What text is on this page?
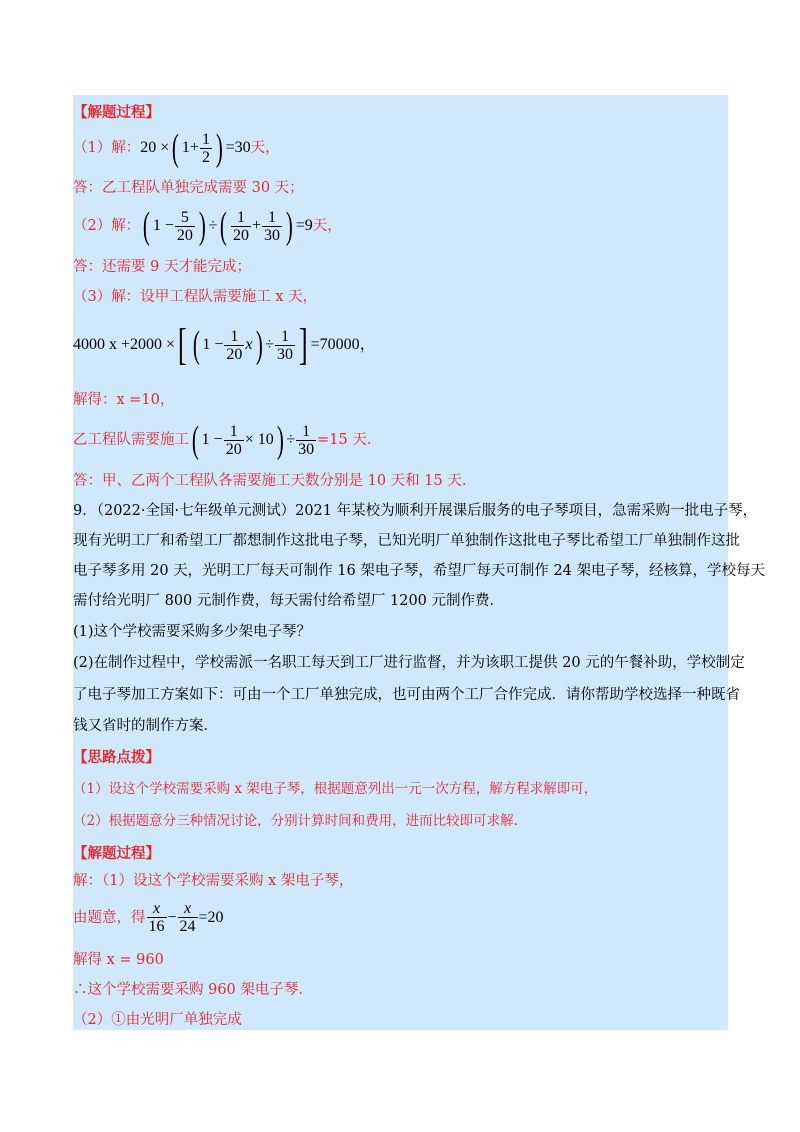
【解题过程】
（1）解： 20 × ( $1+ \frac{1}{2}$ ) =30 天，
答：乙工程队单独完成需要 30 天；
（2）解： ( $1 - \frac{5}{20}$ ) ÷ ( $\frac{1}{20} + \frac{1}{30}$ ) =9 天，
答：还需要 9 天才能完成；
（3）解：设甲工程队需要施工 x 天，
4000 x +2000 × [ ( $1 - \frac{1}{20}$ x ) ÷ $\frac{1}{30}$ ] =70000，
解得：x =10，
乙工程队需要施工 ( $1 - \frac{1}{20} \times 10$ ) ÷ $\frac{1}{30} =15$ 天.
答：甲、乙两个工程队各需要施工天数分别是 10 天和 15 天.
9．（2022·全国·七年级单元测试）2021 年某校为顺利开展课后服务的电子琴项目，急需采购一批电子琴，
现有光明工厂和希望工厂都想制作这批电子琴，已知光明厂单独制作这批电子琴比希望工厂单独制作这批
电子琴多用 20 天，光明工厂每天可制作 16 架电子琴，希望厂每天可制作 24 架电子琴，经核算，学校每天
需付给光明厂 800 元制作费，每天需付给希望厂 1200 元制作费．
(1)这个学校需要采购多少架电子琴？
(2)在制作过程中，学校需派一名职工每天到工厂进行监督，并为该职工提供 20 元的午餐补助，学校制定
了电子琴加工方案如下：可由一个工厂单独完成，也可由两个工厂合作完成．请你帮助学校选择一种既省
钱又省时的制作方案．
【思路点拨】
（1）设这个学校需要采购 x 架电子琴，根据题意列出一元一次方程，解方程求解即可，
（2）根据题意分三种情况讨论，分别计算时间和费用，进而比较即可求解．
【解题过程】
解：（1）设这个学校需要采购 x 架电子琴，
由题意，得 $\frac{x}{16} - \frac{x}{24} =20$
解得 x = 960
∴这个学校需要采购 960 架电子琴．
（2）①由光明厂单独完成
